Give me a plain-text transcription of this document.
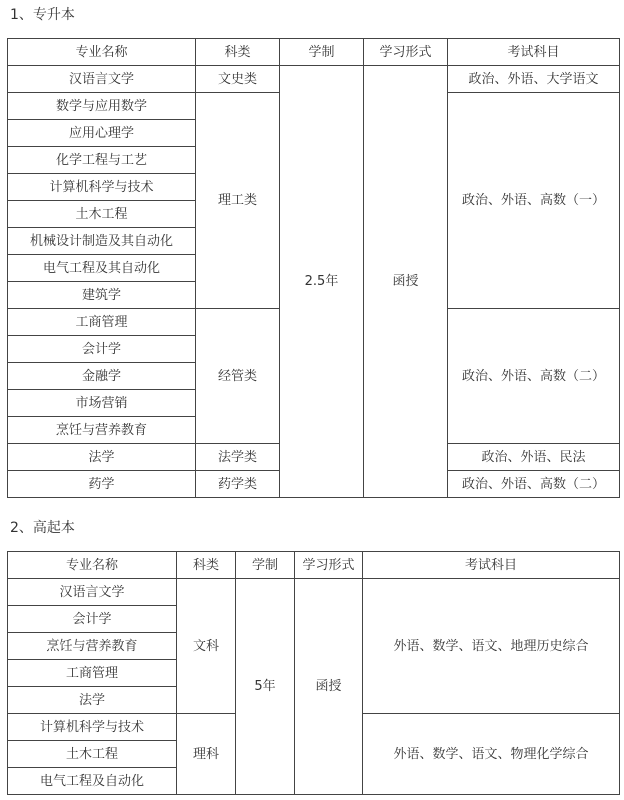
1、专升本
专业名称	科类	学制	学习形式	考试科目
汉语言文学	文史类	2.5年	函授	政治、外语、大学语文
数学与应用数学	理工类			政治、外语、高数（一）
应用心理学				
化学工程与工艺				
计算机科学与技术				
土木工程				
机械设计制造及其自动化				
电气工程及其自动化				
建筑学				
工商管理	经管类			政治、外语、高数（二）
会计学				
金融学				
市场营销				
烹饪与营养教育				
法学	法学类			政治、外语、民法
药学	药学类			政治、外语、高数（二）
2、高起本
专业名称	科类	学制	学习形式	考试科目
汉语言文学	文科	5年	函授	外语、数学、语文、地理历史综合
会计学				
烹饪与营养教育				
工商管理				
法学				
计算机科学与技术	理科			外语、数学、语文、物理化学综合
土木工程				
电气工程及自动化				
